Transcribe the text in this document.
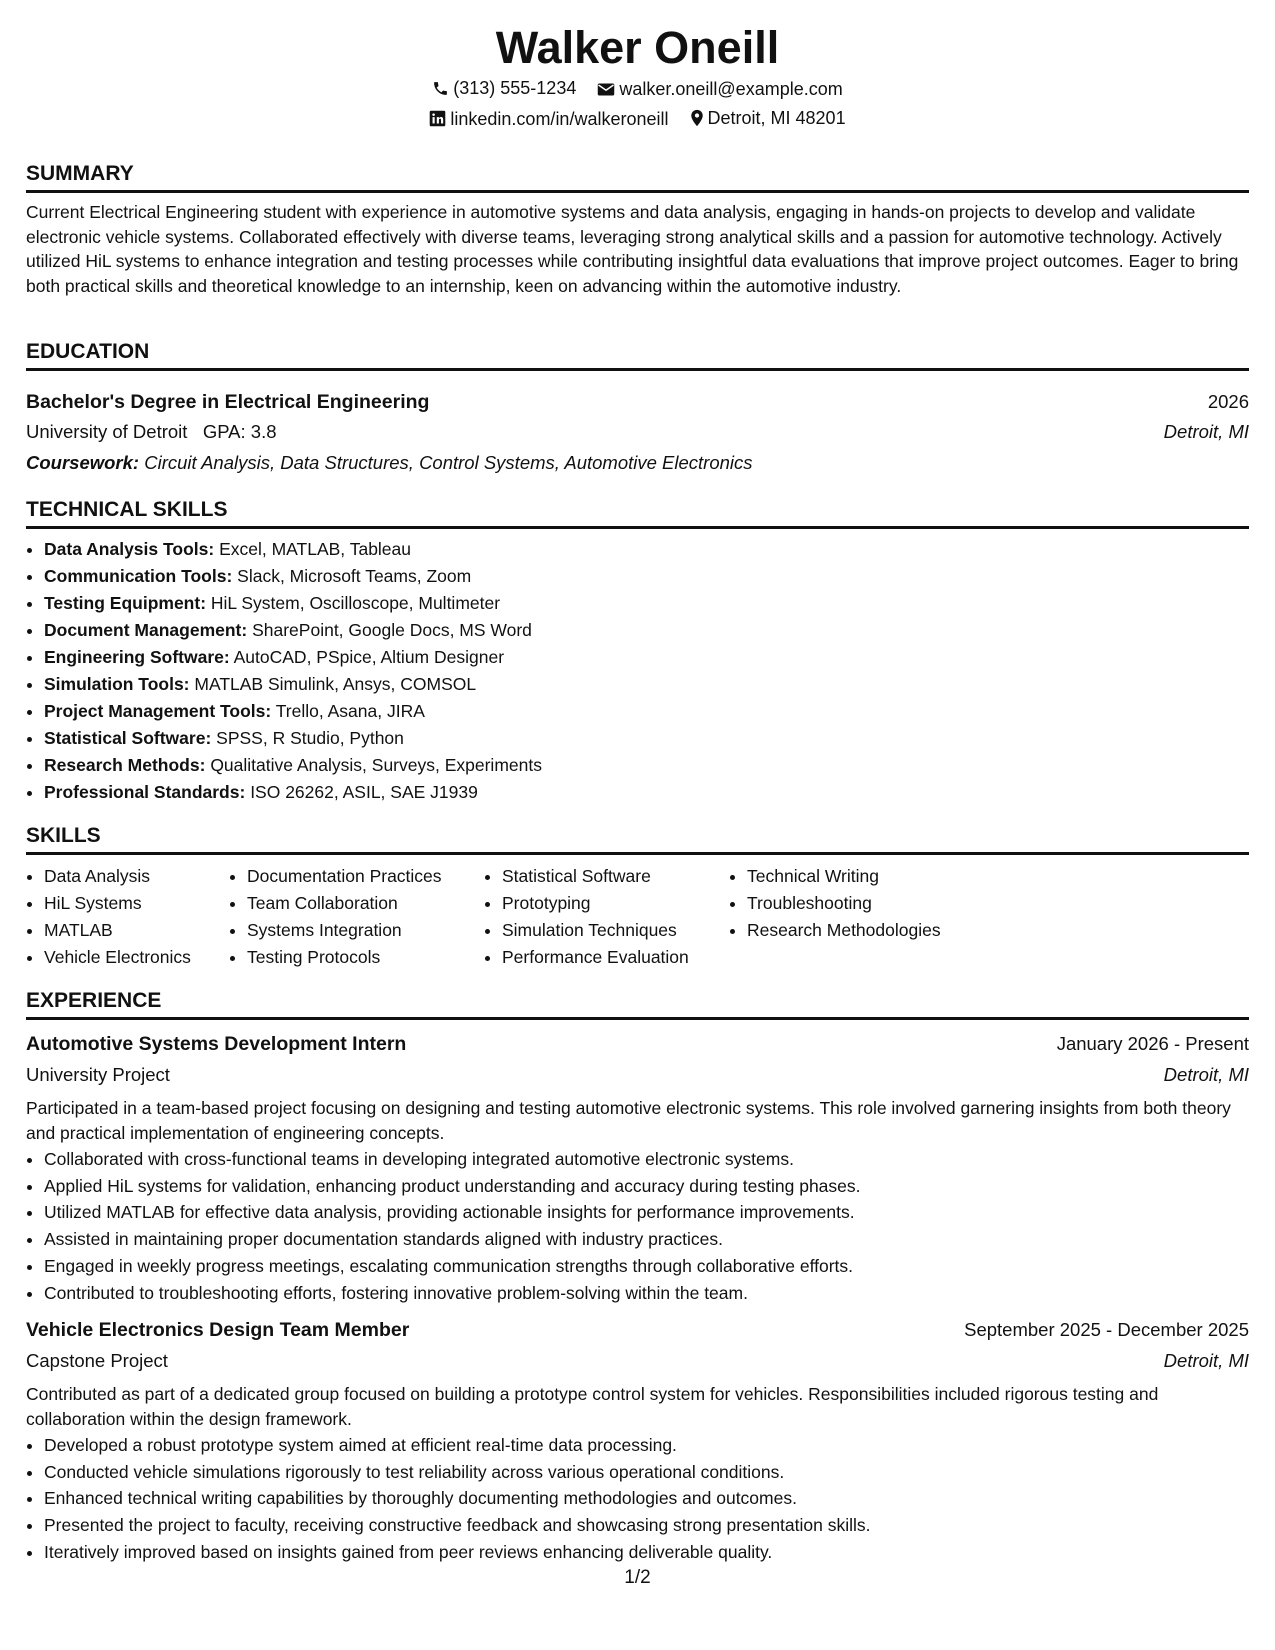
Walker Oneill
(313) 555-1234
walker.oneill@example.com
linkedin.com/in/walkeroneill
Detroit, MI 48201
SUMMARY

Current Electrical Engineering student with experience in automotive systems and data analysis, engaging in hands-on projects to develop and validate electronic vehicle systems. Collaborated effectively with diverse teams, leveraging strong analytical skills and a passion for automotive technology. Actively utilized HiL systems to enhance integration and testing processes while contributing insightful data evaluations that improve project outcomes. Eager to bring both practical skills and theoretical knowledge to an internship, keen on advancing within the automotive industry.

EDUCATION
Bachelor's Degree in Electrical Engineering	2026
University of Detroit GPA: 3.8	Detroit, MI
Coursework: Circuit Analysis, Data Structures, Control Systems, Automotive Electronics
TECHNICAL SKILLS
• Data Analysis Tools: Excel, MATLAB, Tableau
• Communication Tools: Slack, Microsoft Teams, Zoom
• Testing Equipment: HiL System, Oscilloscope, Multimeter
• Document Management: SharePoint, Google Docs, MS Word
• Engineering Software: AutoCAD, PSpice, Altium Designer
• Simulation Tools: MATLAB Simulink, Ansys, COMSOL
• Project Management Tools: Trello, Asana, JIRA
• Statistical Software: SPSS, R Studio, Python
• Research Methods: Qualitative Analysis, Surveys, Experiments
• Professional Standards: ISO 26262, ASIL, SAE J1939
SKILLS
• Data Analysis
• HiL Systems
• MATLAB
• Vehicle Electronics
• Documentation Practices
• Team Collaboration
• Systems Integration
• Testing Protocols
• Statistical Software
• Prototyping
• Simulation Techniques
• Performance Evaluation
• Technical Writing
• Troubleshooting
• Research Methodologies
EXPERIENCE
Automotive Systems Development Intern	January 2026 - Present
University Project	Detroit, MI

Participated in a team-based project focusing on designing and testing automotive electronic systems. This role involved garnering insights from both theory and practical implementation of engineering concepts.

• Collaborated with cross-functional teams in developing integrated automotive electronic systems.
• Applied HiL systems for validation, enhancing product understanding and accuracy during testing phases.
• Utilized MATLAB for effective data analysis, providing actionable insights for performance improvements.
• Assisted in maintaining proper documentation standards aligned with industry practices.
• Engaged in weekly progress meetings, escalating communication strengths through collaborative efforts.
• Contributed to troubleshooting efforts, fostering innovative problem-solving within the team.
Vehicle Electronics Design Team Member	September 2025 - December 2025
Capstone Project	Detroit, MI

Contributed as part of a dedicated group focused on building a prototype control system for vehicles. Responsibilities included rigorous testing and collaboration within the design framework.

• Developed a robust prototype system aimed at efficient real-time data processing.
• Conducted vehicle simulations rigorously to test reliability across various operational conditions.
• Enhanced technical writing capabilities by thoroughly documenting methodologies and outcomes.
• Presented the project to faculty, receiving constructive feedback and showcasing strong presentation skills.
• Iteratively improved based on insights gained from peer reviews enhancing deliverable quality.
1/2
